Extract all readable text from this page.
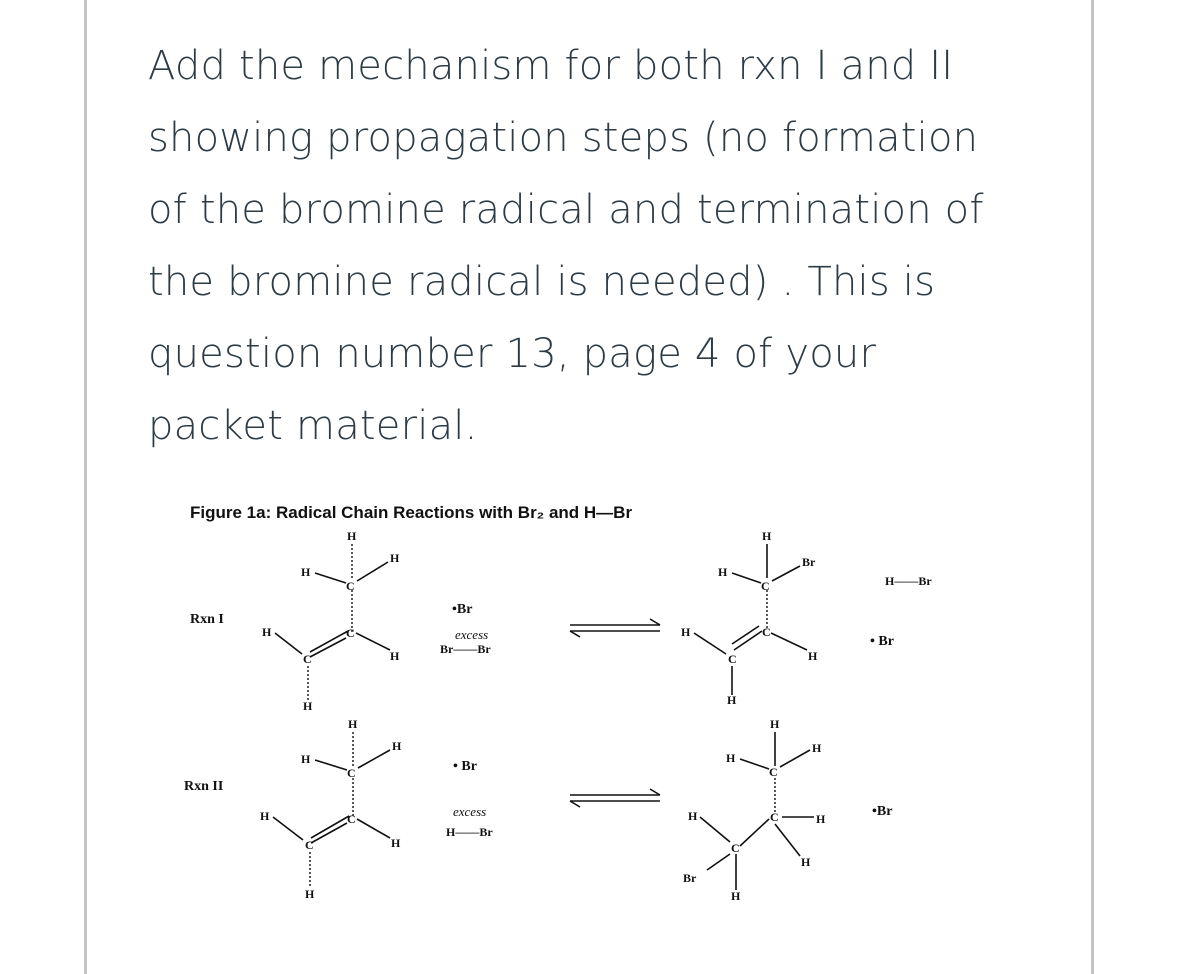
Add the mechanism for both rxn I and II
showing propagation steps (no formation
of the bromine radical and termination of
the bromine radical is needed) . This is
question number 13, page 4 of your
packet material.
Figure 1a: Radical Chain Reactions with Br₂ and H—Br
Rxn I
H
H
C
H
C
H
C
H
H
•Br
excess
Br——Br
H
H
C
Br
C
H
C
H
H
H——Br
• Br
Rxn II
H
H
C
H
C
H
C
H
H
• Br
excess
H——Br
H
H
C
H
C	H
H
C
H
H
Br
•Br
